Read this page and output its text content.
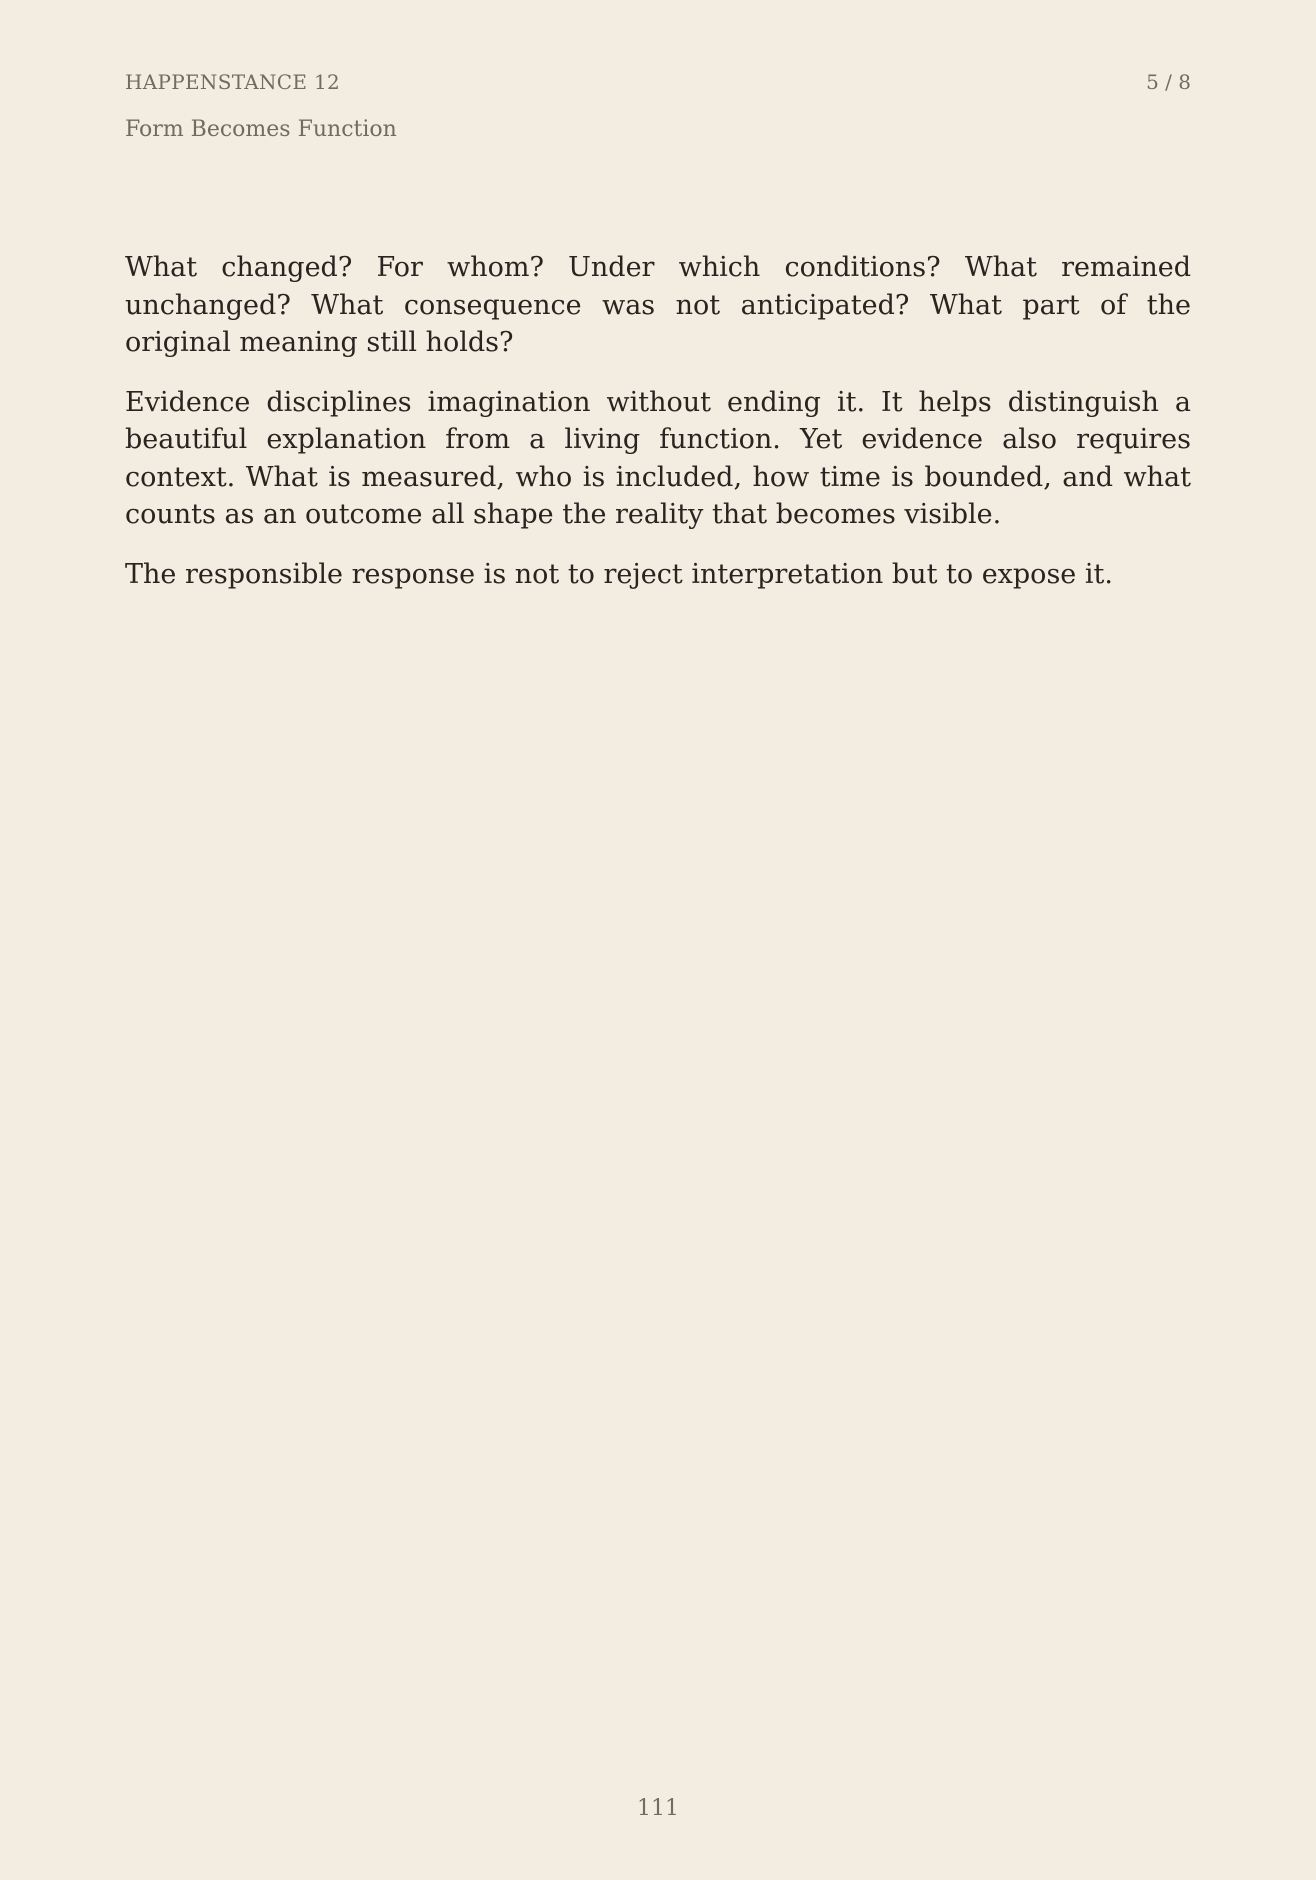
HAPPENSTANCE 12	5 / 8
Form Becomes Function

What changed? For whom? Under which conditions? What remained unchanged? What consequence was not anticipated? What part of the original meaning still holds?

Evidence disciplines imagination without ending it. It helps distinguish a beautiful explanation from a living function. Yet evidence also requires context. What is measured, who is included, how time is bounded, and what counts as an outcome all shape the reality that becomes visible.

The responsible response is not to reject interpretation but to expose it.

111
